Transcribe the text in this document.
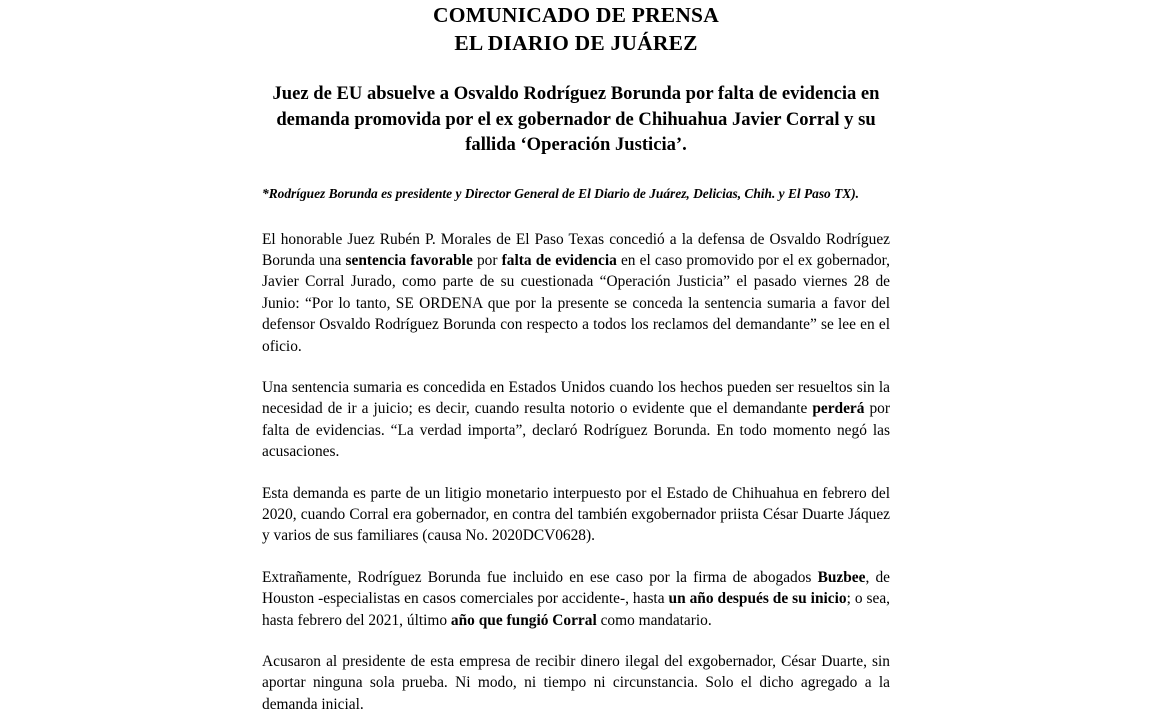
COMUNICADO DE PRENSA
EL DIARIO DE JUÁREZ
Juez de EU absuelve a Osvaldo Rodríguez Borunda por falta de evidencia en demanda promovida por el ex gobernador de Chihuahua Javier Corral y su fallida ‘Operación Justicia’.
*Rodríguez Borunda es presidente y Director General de El Diario de Juárez, Delicias, Chih. y El Paso TX).

El honorable Juez Rubén P. Morales de El Paso Texas concedió a la defensa de Osvaldo Rodríguez Borunda una sentencia favorable por falta de evidencia en el caso promovido por el ex gobernador, Javier Corral Jurado, como parte de su cuestionada “Operación Justicia” el pasado viernes 28 de Junio: “Por lo tanto, SE ORDENA que por la presente se conceda la sentencia sumaria a favor del defensor Osvaldo Rodríguez Borunda con respecto a todos los reclamos del demandante” se lee en el oficio.

Una sentencia sumaria es concedida en Estados Unidos cuando los hechos pueden ser resueltos sin la necesidad de ir a juicio; es decir, cuando resulta notorio o evidente que el demandante perderá por falta de evidencias. “La verdad importa”, declaró Rodríguez Borunda. En todo momento negó las acusaciones.

Esta demanda es parte de un litigio monetario interpuesto por el Estado de Chihuahua en febrero del 2020, cuando Corral era gobernador, en contra del también exgobernador priista César Duarte Jáquez y varios de sus familiares (causa No. 2020DCV0628).

Extrañamente, Rodríguez Borunda fue incluido en ese caso por la firma de abogados Buzbee, de Houston -especialistas en casos comerciales por accidente-, hasta un año después de su inicio; o sea, hasta febrero del 2021, último año que fungió Corral como mandatario.

Acusaron al presidente de esta empresa de recibir dinero ilegal del exgobernador, César Duarte, sin aportar ninguna sola prueba. Ni modo, ni tiempo ni circunstancia. Solo el dicho agregado a la demanda inicial.
